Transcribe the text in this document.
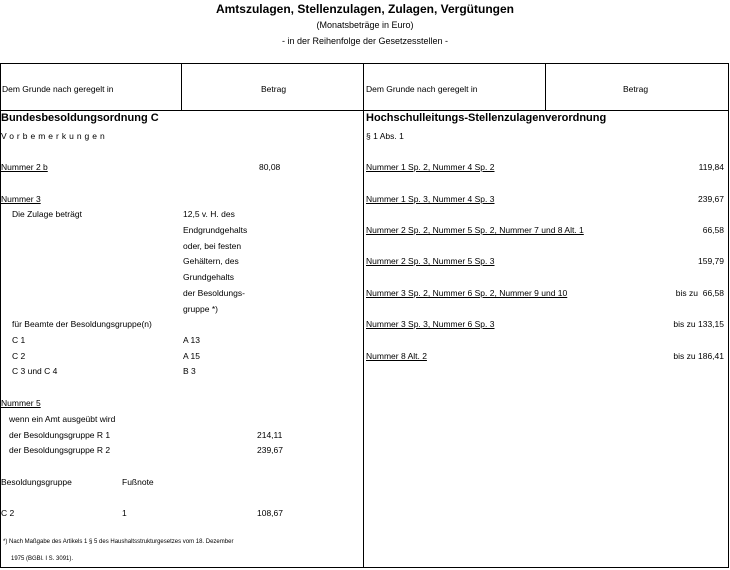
Amtszulagen, Stellenzulagen, Zulagen, Vergütungen
(Monatsbeträge in Euro)
- in der Reihenfolge der Gesetzesstellen -
Dem Grunde nach geregelt in	Betrag	Dem Grunde nach geregelt in	Betrag
Bundesbesoldungsordnung C
Vorbemerkungen
Nummer 2 b	80,08
Nummer 3
Die Zulage beträgt	12,5 v. H. des
Endgrundgehalts
oder, bei festen
Gehältern, des
Grundgehalts
der Besoldungs-
gruppe *)
für Beamte der Besoldungsgruppe(n)
C 1	A 13
C 2	A 15
C 3 und C 4	B 3
Nummer 5
wenn ein Amt ausgeübt wird
der Besoldungsgruppe R 1	214,11
der Besoldungsgruppe R 2	239,67
Besoldungsgruppe	Fußnote
C 2	1	108,67
*) Nach Maßgabe des Artikels 1 § 5 des Haushaltsstrukturgesetzes vom 18. Dezember
1975 (BGBl. I S. 3091).
Hochschulleitungs-Stellenzulagenverordnung
§ 1 Abs. 1
Nummer 1 Sp. 2, Nummer 4 Sp. 2	119,84
Nummer 1 Sp. 3, Nummer 4 Sp. 3	239,67
Nummer 2 Sp. 2, Nummer 5 Sp. 2, Nummer 7 und 8 Alt. 1	66,58
Nummer 2 Sp. 3, Nummer 5 Sp. 3	159,79
Nummer 3 Sp. 2, Nummer 6 Sp. 2, Nummer 9 und 10	bis zu  66,58
Nummer 3 Sp. 3, Nummer 6 Sp. 3	bis zu 133,15
Nummer 8 Alt. 2	bis zu 186,41
